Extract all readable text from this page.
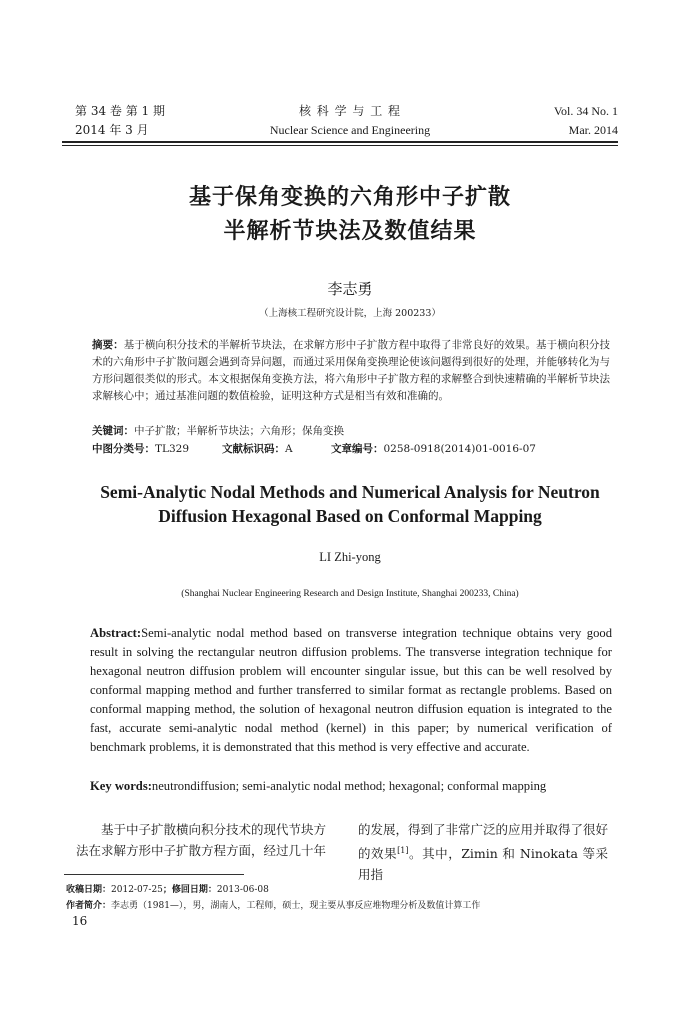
第 34 卷 第 1 期
2014 年 3 月
核 科 学 与 工 程
Nuclear Science and Engineering
Vol. 34 No. 1
Mar. 2014
基于保角变换的六角形中子扩散
半解析节块法及数值结果
李志勇
（上海核工程研究设计院，上海 200233）
摘要：基于横向积分技术的半解析节块法，在求解方形中子扩散方程中取得了非常良好的效果。基于横向积分技术的六角形中子扩散问题会遇到奇异问题，而通过采用保角变换理论使该问题得到很好的处理，并能够转化为与方形问题很类似的形式。本文根据保角变换方法，将六角形中子扩散方程的求解整合到快速精确的半解析节块法求解核心中；通过基准问题的数值检验，证明这种方式是相当有效和准确的。
关键词：中子扩散；半解析节块法；六角形；保角变换
中图分类号：TL329	文献标识码：A	文章编号：0258-0918(2014)01-0016-07
Semi-Analytic Nodal Methods and Numerical Analysis for Neutron
Diffusion Hexagonal Based on Conformal Mapping
LI Zhi-yong
(Shanghai Nuclear Engineering Research and Design Institute, Shanghai 200233, China)
Abstract:Semi-analytic nodal method based on transverse integration technique obtains very good result in solving the rectangular neutron diffusion problems. The transverse integration technique for hexagonal neutron diffusion problem will encounter singular issue, but this can be well resolved by conformal mapping method and further transferred to similar format as rectangle problems. Based on conformal mapping method, the solution of hexagonal neutron diffusion equation is integrated to the fast, accurate semi-analytic nodal method (kernel) in this paper; by numerical verification of benchmark problems, it is demonstrated that this method is very effective and accurate.
Key words:neutrondiffusion; semi-analytic nodal method; hexagonal; conformal mapping
基于中子扩散横向积分技术的现代节块方法在求解方形中子扩散方程方面，经过几十年
的发展，得到了非常广泛的应用并取得了很好的效果[1]。其中，Zimin 和 Ninokata 等采用指
收稿日期：2012-07-25；修回日期：2013-06-08
作者简介：李志勇（1981—），男，湖南人，工程师，硕士，现主要从事反应堆物理分析及数值计算工作
16
